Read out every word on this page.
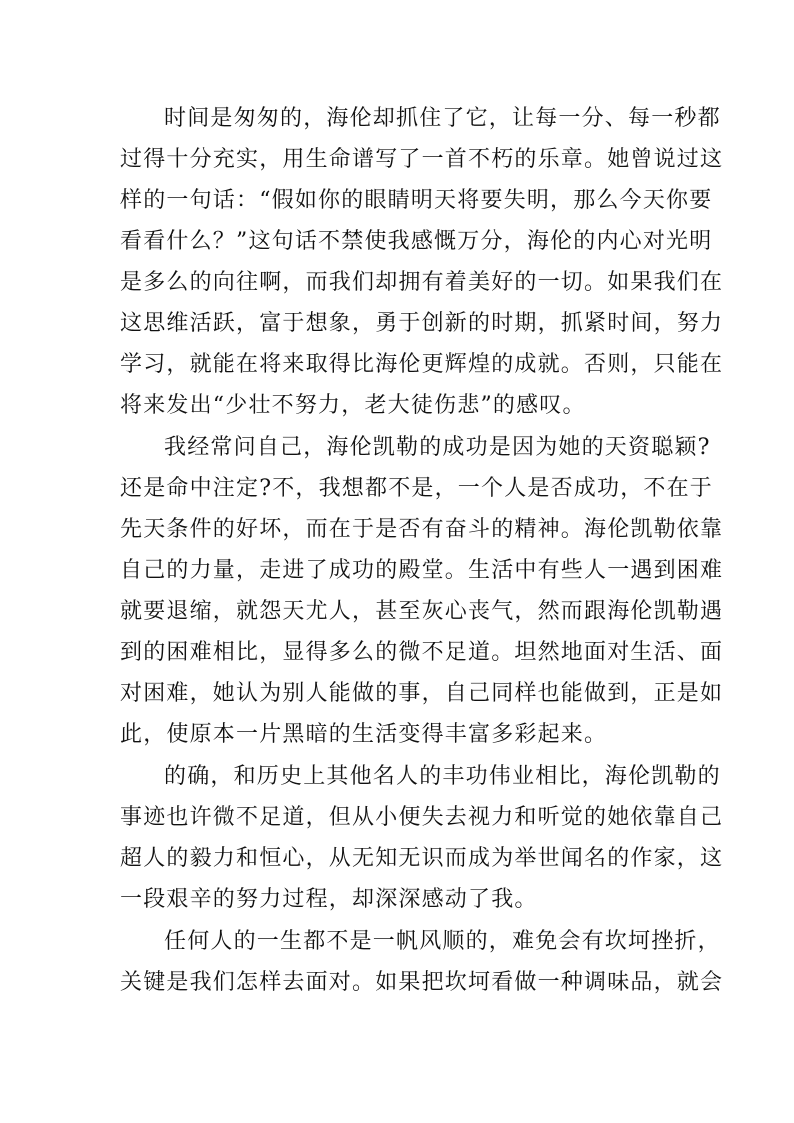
时间是匆匆的，海伦却抓住了它，让每一分、每一秒都
过得十分充实，用生命谱写了一首不朽的乐章。她曾说过这
样的一句话：“假如你的眼睛明天将要失明，那么今天你要
看看什么？”这句话不禁使我感慨万分，海伦的内心对光明
是多么的向往啊，而我们却拥有着美好的一切。如果我们在
这思维活跃，富于想象，勇于创新的时期，抓紧时间，努力
学习，就能在将来取得比海伦更辉煌的成就。否则，只能在
将来发出“少壮不努力，老大徒伤悲”的感叹。
我经常问自己，海伦凯勒的成功是因为她的天资聪颖?
还是命中注定?不，我想都不是，一个人是否成功，不在于
先天条件的好坏，而在于是否有奋斗的精神。海伦凯勒依靠
自己的力量，走进了成功的殿堂。生活中有些人一遇到困难
就要退缩，就怨天尤人，甚至灰心丧气，然而跟海伦凯勒遇
到的困难相比，显得多么的微不足道。坦然地面对生活、面
对困难，她认为别人能做的事，自己同样也能做到，正是如
此，使原本一片黑暗的生活变得丰富多彩起来。
的确，和历史上其他名人的丰功伟业相比，海伦凯勒的
事迹也许微不足道，但从小便失去视力和听觉的她依靠自己
超人的毅力和恒心，从无知无识而成为举世闻名的作家，这
一段艰辛的努力过程，却深深感动了我。
任何人的一生都不是一帆风顺的，难免会有坎坷挫折，
关键是我们怎样去面对。如果把坎坷看做一种调味品，就会
